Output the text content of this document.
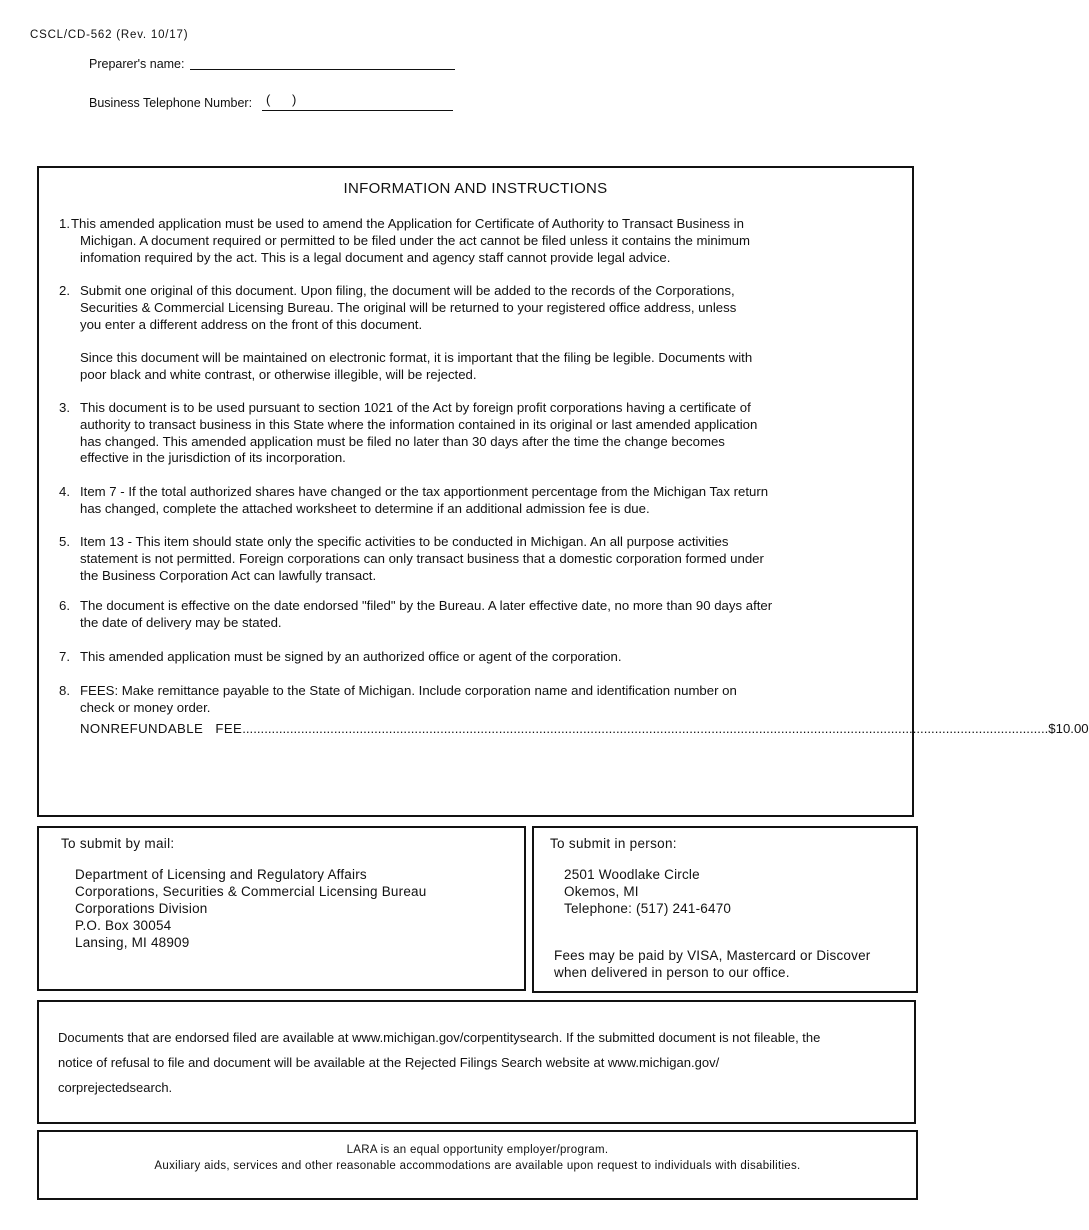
CSCL/CD-562 (Rev. 10/17)
Preparer's name:
Business Telephone Number: (      )
INFORMATION AND INSTRUCTIONS
1. This amended application must be used to amend the Application for Certificate of Authority to Transact Business in
Michigan. A document required or permitted to be filed under the act cannot be filed unless it contains the minimum
infomation required by the act. This is a legal document and agency staff cannot provide legal advice.
2. Submit one original of this document. Upon filing, the document will be added to the records of the Corporations,
Securities & Commercial Licensing Bureau. The original will be returned to your registered office address, unless
you enter a different address on the front of this document.
Since this document will be maintained on electronic format, it is important that the filing be legible. Documents with
poor black and white contrast, or otherwise illegible, will be rejected.
3. This document is to be used pursuant to section 1021 of the Act by foreign profit corporations having a certificate of
authority to transact business in this State where the information contained in its original or last amended application
has changed. This amended application must be filed no later than 30 days after the time the change becomes
effective in the jurisdiction of its incorporation.
4. Item 7 - If the total authorized shares have changed or the tax apportionment percentage from the Michigan Tax return
has changed, complete the attached worksheet to determine if an additional admission fee is due.
5. Item 13 - This item should state only the specific activities to be conducted in Michigan. An all purpose activities
statement is not permitted. Foreign corporations can only transact business that a domestic corporation formed under
the Business Corporation Act can lawfully transact.
6. The document is effective on the date endorsed "filed" by the Bureau. A later effective date, no more than 90 days after
the date of delivery may be stated.
7. This amended application must be signed by an authorized office or agent of the corporation.
8. FEES: Make remittance payable to the State of Michigan. Include corporation name and identification number on
check or money order.
NONREFUNDABLE   FEE ............................................................................................................................................................................................................................ $10.00
To submit by mail:
Department of Licensing and Regulatory Affairs
Corporations, Securities & Commercial Licensing Bureau
Corporations Division
P.O. Box 30054
Lansing, MI 48909
To submit in person:
2501 Woodlake Circle
Okemos, MI
Telephone: (517) 241-6470
Fees may be paid by VISA, Mastercard or Discover
when delivered in person to our office.
Documents that are endorsed filed are available at www.michigan.gov/corpentitysearch. If the submitted document is not fileable, the
notice of refusal to file and document will be available at the Rejected Filings Search website at www.michigan.gov/
corprejectedsearch.
LARA is an equal opportunity employer/program.
Auxiliary aids, services and other reasonable accommodations are available upon request to individuals with disabilities.
